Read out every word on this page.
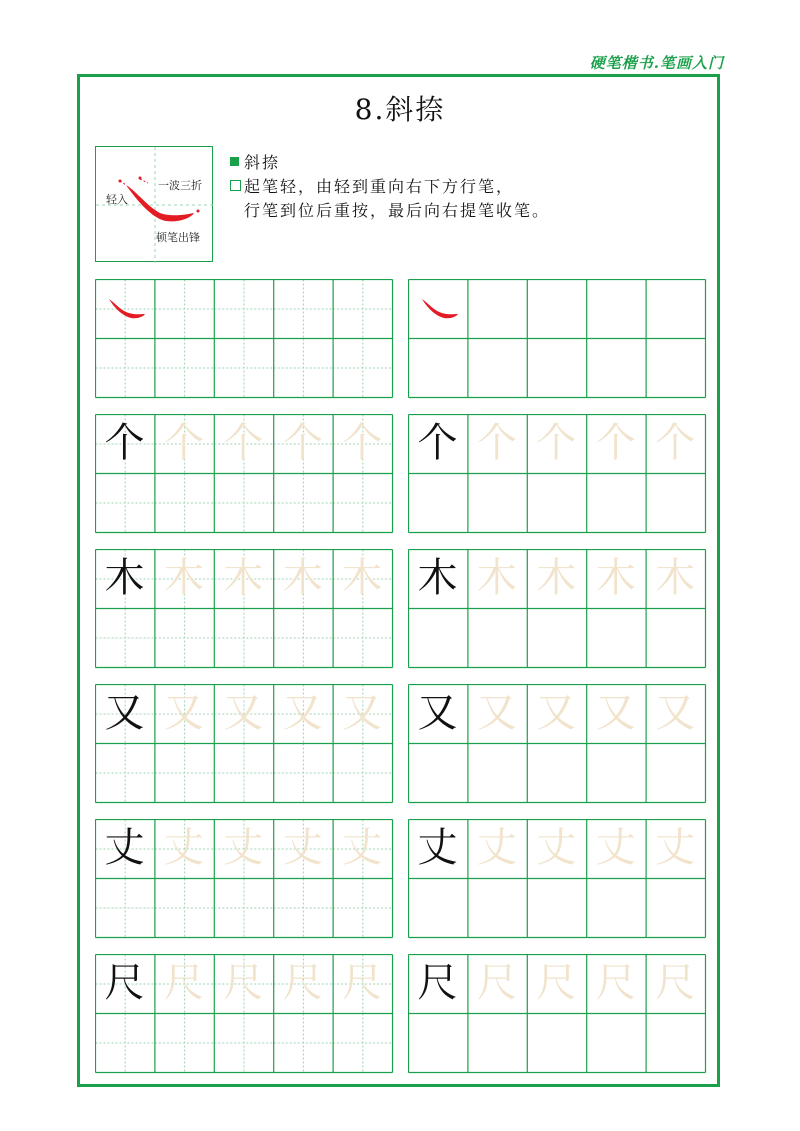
硬笔楷书.笔画入门
8.斜捺
轻入
一波三折
顿笔出锋
斜捺
起笔轻，由轻到重向右下方行笔，
行笔到位后重按，最后向右提笔收笔。
个 个 个 个 个 个 个 个 个 个
木 木 木 木 木 木 木 木 木 木
又 又 又 又 又 又 又 又 又 又
丈 丈 丈 丈 丈 丈 丈 丈 丈 丈
尺 尺 尺 尺 尺 尺 尺 尺 尺 尺
